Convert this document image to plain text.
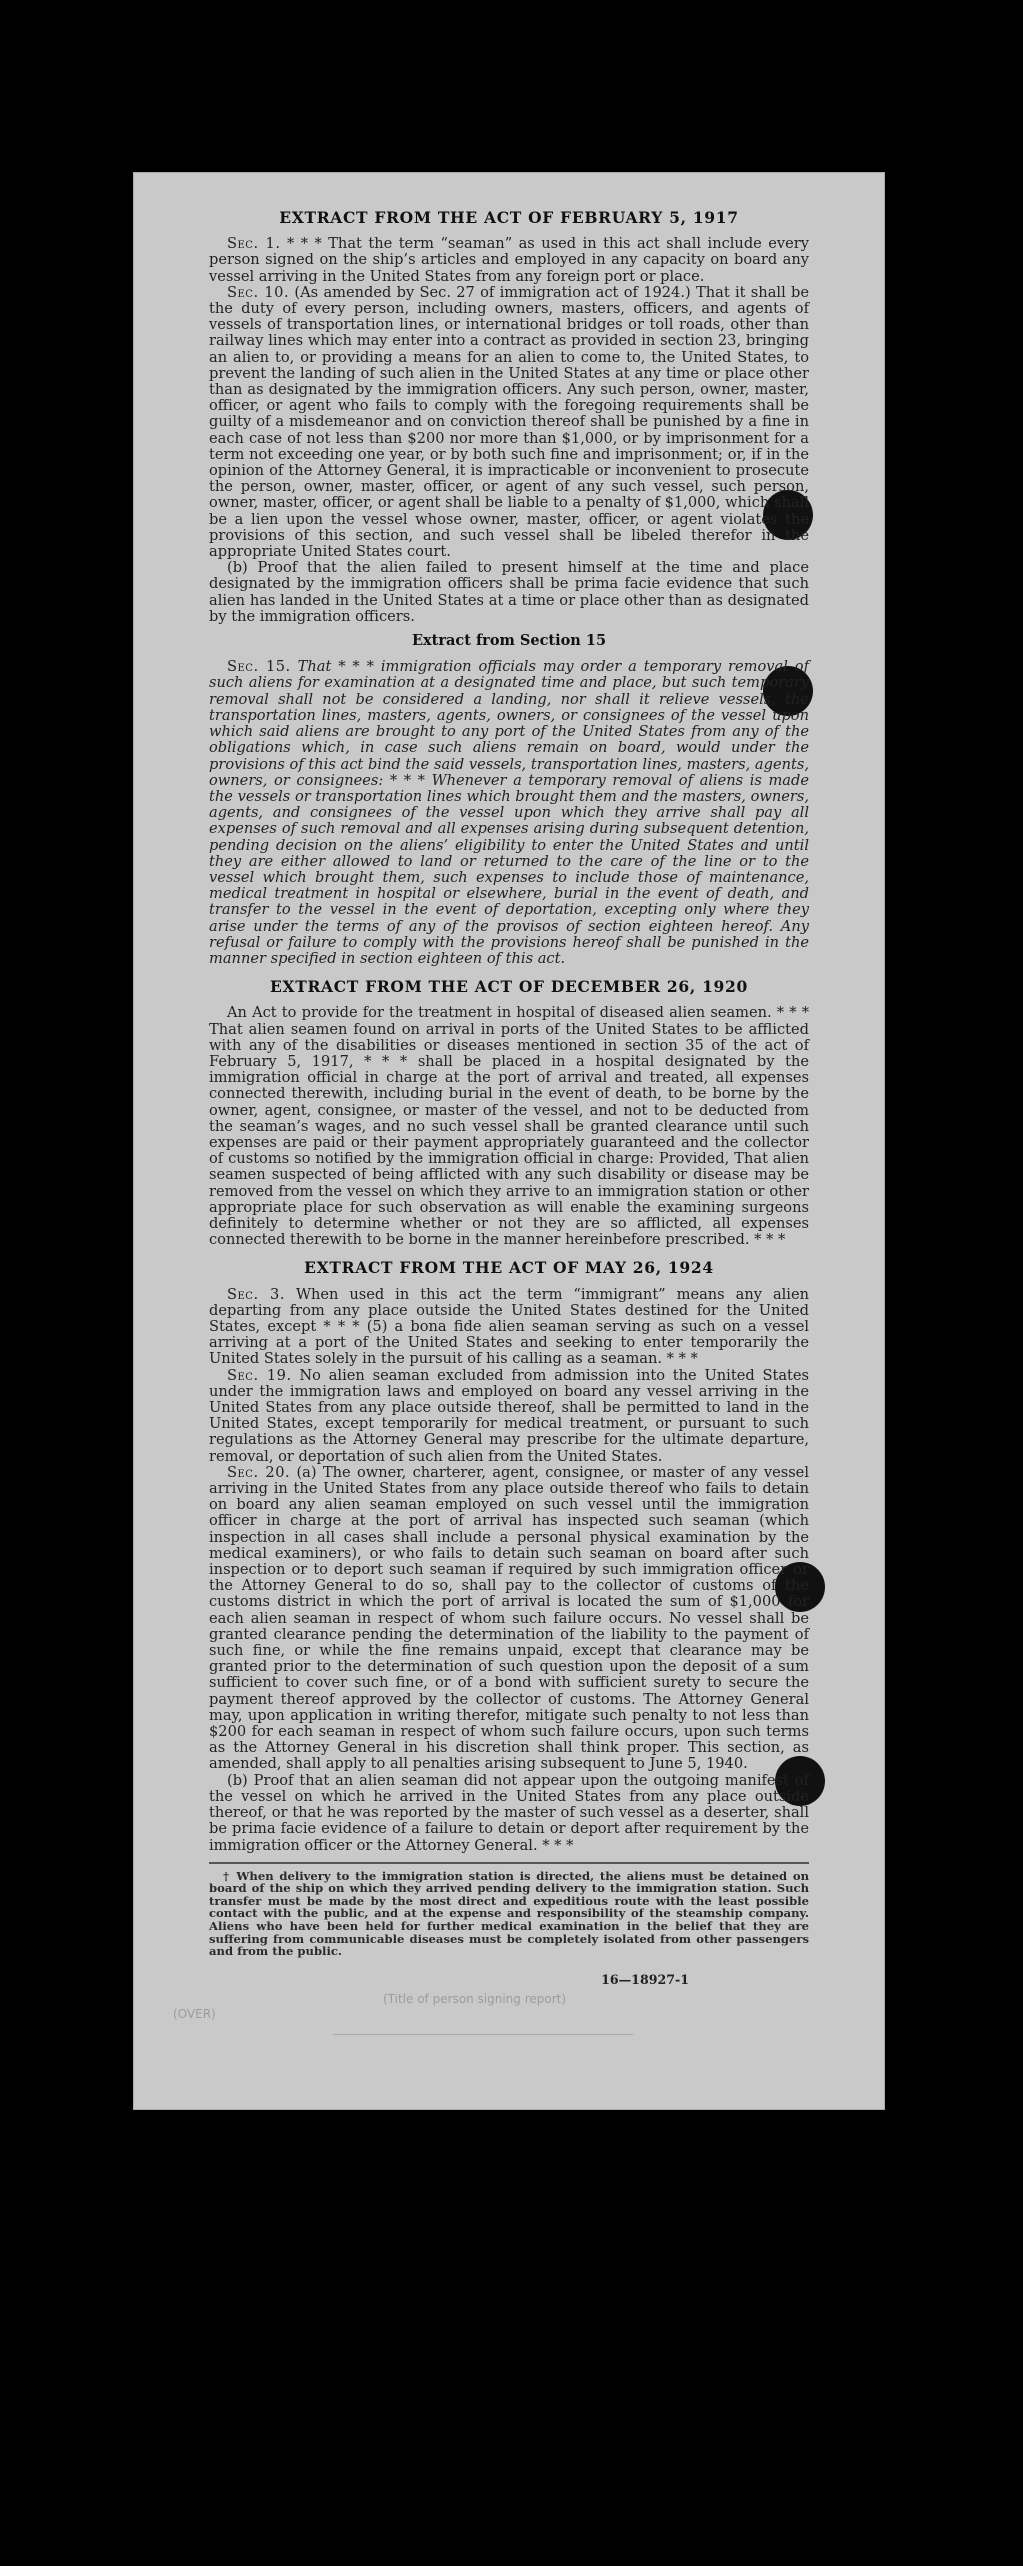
EXTRACT FROM THE ACT OF FEBRUARY 5, 1917

Sec. 1. * * * That the term “seaman” as used in this act shall include every person signed on the ship’s articles and employed in any capacity on board any vessel arriving in the United States from any foreign port or place.

Sec. 10. (As amended by Sec. 27 of immigration act of 1924.) That it shall be the duty of every person, including owners, masters, officers, and agents of vessels of transportation lines, or international bridges or toll roads, other than railway lines which may enter into a contract as provided in section 23, bringing an alien to, or providing a means for an alien to come to, the United States, to prevent the landing of such alien in the United States at any time or place other than as designated by the immigration officers. Any such person, owner, master, officer, or agent who fails to comply with the foregoing requirements shall be guilty of a misdemeanor and on conviction thereof shall be punished by a fine in each case of not less than $200 nor more than $1,000, or by imprisonment for a term not exceeding one year, or by both such fine and imprisonment; or, if in the opinion of the Attorney General, it is impracticable or inconvenient to prosecute the person, owner, master, officer, or agent of any such vessel, such person, owner, master, officer, or agent shall be liable to a penalty of $1,000, which shall be a lien upon the vessel whose owner, master, officer, or agent violates the provisions of this section, and such vessel shall be libeled therefor in the appropriate United States court.

(b) Proof that the alien failed to present himself at the time and place designated by the immigration officers shall be prima facie evidence that such alien has landed in the United States at a time or place other than as designated by the immigration officers.

Extract from Section 15

Sec. 15. That * * * immigration officials may order a temporary removal of such aliens for examination at a designated time and place, but such temporary removal shall not be considered a landing, nor shall it relieve vessels, the transportation lines, masters, agents, owners, or consignees of the vessel upon which said aliens are brought to any port of the United States from any of the obligations which, in case such aliens remain on board, would under the provisions of this act bind the said vessels, transportation lines, masters, agents, owners, or consignees: * * * Whenever a temporary removal of aliens is made the vessels or transportation lines which brought them and the masters, owners, agents, and consignees of the vessel upon which they arrive shall pay all expenses of such removal and all expenses arising during subsequent detention, pending decision on the aliens’ eligibility to enter the United States and until they are either allowed to land or returned to the care of the line or to the vessel which brought them, such expenses to include those of maintenance, medical treatment in hospital or elsewhere, burial in the event of death, and transfer to the vessel in the event of deportation, excepting only where they arise under the terms of any of the provisos of section eighteen hereof. Any refusal or failure to comply with the provisions hereof shall be punished in the manner specified in section eighteen of this act.

EXTRACT FROM THE ACT OF DECEMBER 26, 1920

An Act to provide for the treatment in hospital of diseased alien seamen. * * * That alien seamen found on arrival in ports of the United States to be afflicted with any of the disabilities or diseases mentioned in section 35 of the act of February 5, 1917, * * * shall be placed in a hospital designated by the immigration official in charge at the port of arrival and treated, all expenses connected therewith, including burial in the event of death, to be borne by the owner, agent, consignee, or master of the vessel, and not to be deducted from the seaman’s wages, and no such vessel shall be granted clearance until such expenses are paid or their payment appropriately guaranteed and the collector of customs so notified by the immigration official in charge: Provided, That alien seamen suspected of being afflicted with any such disability or disease may be removed from the vessel on which they arrive to an immigration station or other appropriate place for such observation as will enable the examining surgeons definitely to determine whether or not they are so afflicted, all expenses connected therewith to be borne in the manner hereinbefore prescribed. * * *

EXTRACT FROM THE ACT OF MAY 26, 1924

Sec. 3. When used in this act the term “immigrant” means any alien departing from any place outside the United States destined for the United States, except * * * (5) a bona fide alien seaman serving as such on a vessel arriving at a port of the United States and seeking to enter temporarily the United States solely in the pursuit of his calling as a seaman. * * *

Sec. 19. No alien seaman excluded from admission into the United States under the immigration laws and employed on board any vessel arriving in the United States from any place outside thereof, shall be permitted to land in the United States, except temporarily for medical treatment, or pursuant to such regulations as the Attorney General may prescribe for the ultimate departure, removal, or deportation of such alien from the United States.

Sec. 20. (a) The owner, charterer, agent, consignee, or master of any vessel arriving in the United States from any place outside thereof who fails to detain on board any alien seaman employed on such vessel until the immigration officer in charge at the port of arrival has inspected such seaman (which inspection in all cases shall include a personal physical examination by the medical examiners), or who fails to detain such seaman on board after such inspection or to deport such seaman if required by such immigration officer or the Attorney General to do so, shall pay to the collector of customs of the customs district in which the port of arrival is located the sum of $1,000 for each alien seaman in respect of whom such failure occurs. No vessel shall be granted clearance pending the determination of the liability to the payment of such fine, or while the fine remains unpaid, except that clearance may be granted prior to the determination of such question upon the deposit of a sum sufficient to cover such fine, or of a bond with sufficient surety to secure the payment thereof approved by the collector of customs. The Attorney General may, upon application in writing therefor, mitigate such penalty to not less than $200 for each seaman in respect of whom such failure occurs, upon such terms as the Attorney General in his discretion shall think proper. This section, as amended, shall apply to all penalties arising subsequent to June 5, 1940.

(b) Proof that an alien seaman did not appear upon the outgoing manifest of the vessel on which he arrived in the United States from any place outside thereof, or that he was reported by the master of such vessel as a deserter, shall be prima facie evidence of a failure to detain or deport after requirement by the immigration officer or the Attorney General. * * *

† When delivery to the immigration station is directed, the aliens must be detained on board of the ship on which they arrived pending delivery to the immigration station. Such transfer must be made by the most direct and expeditious route with the least possible contact with the public, and at the expense and responsibility of the steamship company. Aliens who have been held for further medical examination in the belief that they are suffering from communicable diseases must be completely isolated from other passengers and from the public.

16—18927-1
(Title of person signing report)
(OVER)
